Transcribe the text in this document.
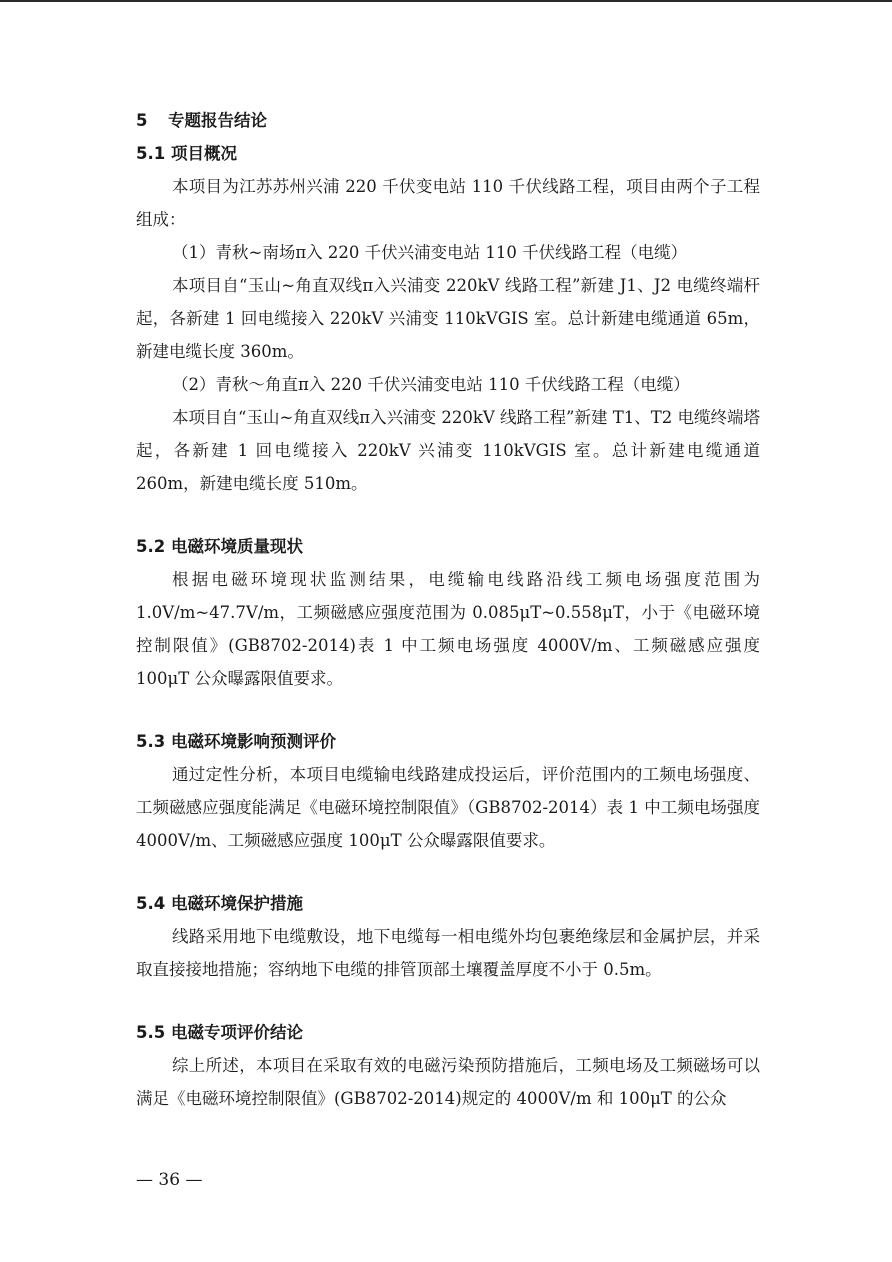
5 专题报告结论
5.1 项目概况

本项目为江苏苏州兴浦 220 千伏变电站 110 千伏线路工程，项目由两个子工程组成：

（1）青秋~南场π入 220 千伏兴浦变电站 110 千伏线路工程（电缆）

本项目自“玉山~角直双线π入兴浦变 220kV 线路工程”新建 J1、J2 电缆终端杆起，各新建 1 回电缆接入 220kV 兴浦变 110kVGIS 室。总计新建电缆通道 65m，新建电缆长度 360m。

（2）青秋～角直π入 220 千伏兴浦变电站 110 千伏线路工程（电缆）

本项目自“玉山~角直双线π入兴浦变 220kV 线路工程”新建 T1、T2 电缆终端塔起，各新建 1 回电缆接入 220kV 兴浦变 110kVGIS 室。总计新建电缆通道 260m，新建电缆长度 510m。

5.2 电磁环境质量现状

根据电磁环境现状监测结果，电缆输电线路沿线工频电场强度范围为 1.0V/m~47.7V/m，工频磁感应强度范围为 0.085μT~0.558μT，小于《电磁环境控制限值》(GB8702-2014)表 1 中工频电场强度 4000V/m、工频磁感应强度 100μT 公众曝露限值要求。

5.3 电磁环境影响预测评价

通过定性分析，本项目电缆输电线路建成投运后，评价范围内的工频电场强度、工频磁感应强度能满足《电磁环境控制限值》（GB8702-2014）表 1 中工频电场强度 4000V/m、工频磁感应强度 100μT 公众曝露限值要求。

5.4 电磁环境保护措施

线路采用地下电缆敷设，地下电缆每一相电缆外均包裹绝缘层和金属护层，并采取直接接地措施；容纳地下电缆的排管顶部土壤覆盖厚度不小于 0.5m。

5.5 电磁专项评价结论

综上所述，本项目在采取有效的电磁污染预防措施后，工频电场及工频磁场可以满足《电磁环境控制限值》(GB8702-2014)规定的 4000V/m 和 100μT 的公众

— 36 —
